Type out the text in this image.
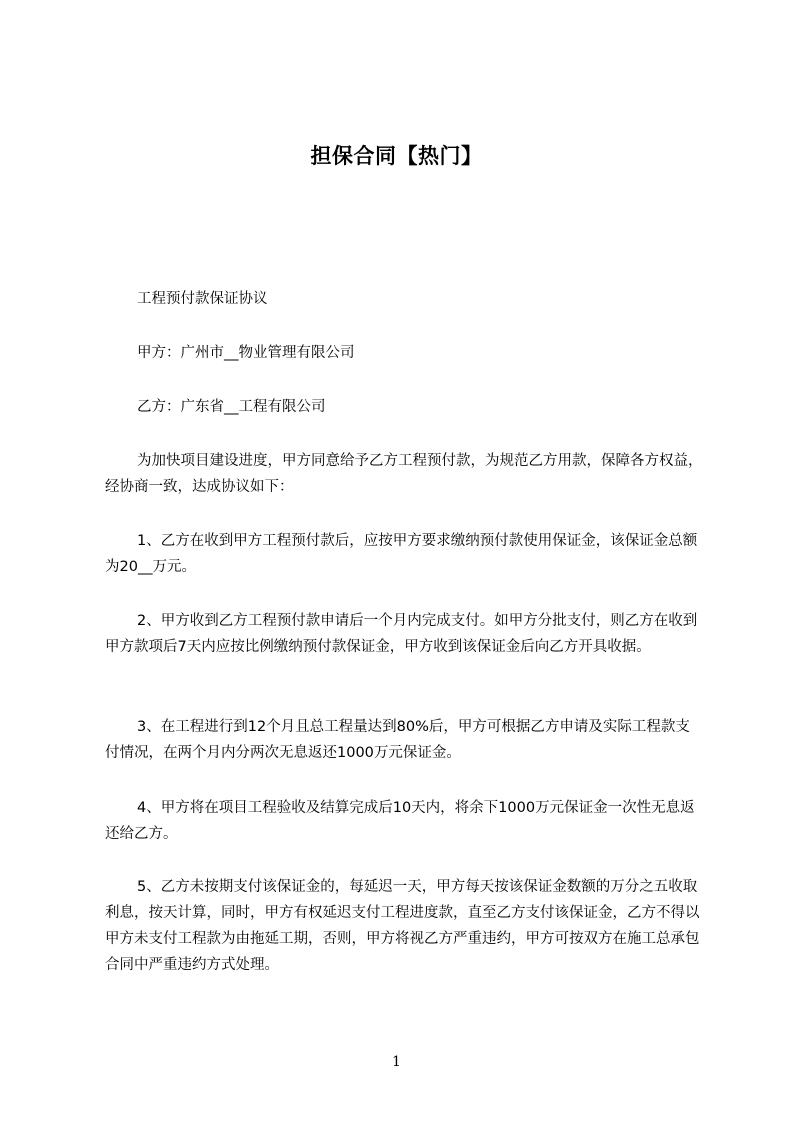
担保合同【热门】

工程预付款保证协议

甲方：广州市__物业管理有限公司

乙方：广东省__工程有限公司

为加快项目建设进度，甲方同意给予乙方工程预付款，为规范乙方用款，保障各方权益，经协商一致，达成协议如下：

1、乙方在收到甲方工程预付款后，应按甲方要求缴纳预付款使用保证金，该保证金总额为20__万元。

2、甲方收到乙方工程预付款申请后一个月内完成支付。如甲方分批支付，则乙方在收到甲方款项后7天内应按比例缴纳预付款保证金，甲方收到该保证金后向乙方开具收据。

3、在工程进行到12个月且总工程量达到80%后，甲方可根据乙方申请及实际工程款支付情况，在两个月内分两次无息返还1000万元保证金。

4、甲方将在项目工程验收及结算完成后10天内，将余下1000万元保证金一次性无息返还给乙方。

5、乙方未按期支付该保证金的，每延迟一天，甲方每天按该保证金数额的万分之五收取利息，按天计算，同时，甲方有权延迟支付工程进度款，直至乙方支付该保证金，乙方不得以甲方未支付工程款为由拖延工期，否则，甲方将视乙方严重违约，甲方可按双方在施工总承包合同中严重违约方式处理。

1
